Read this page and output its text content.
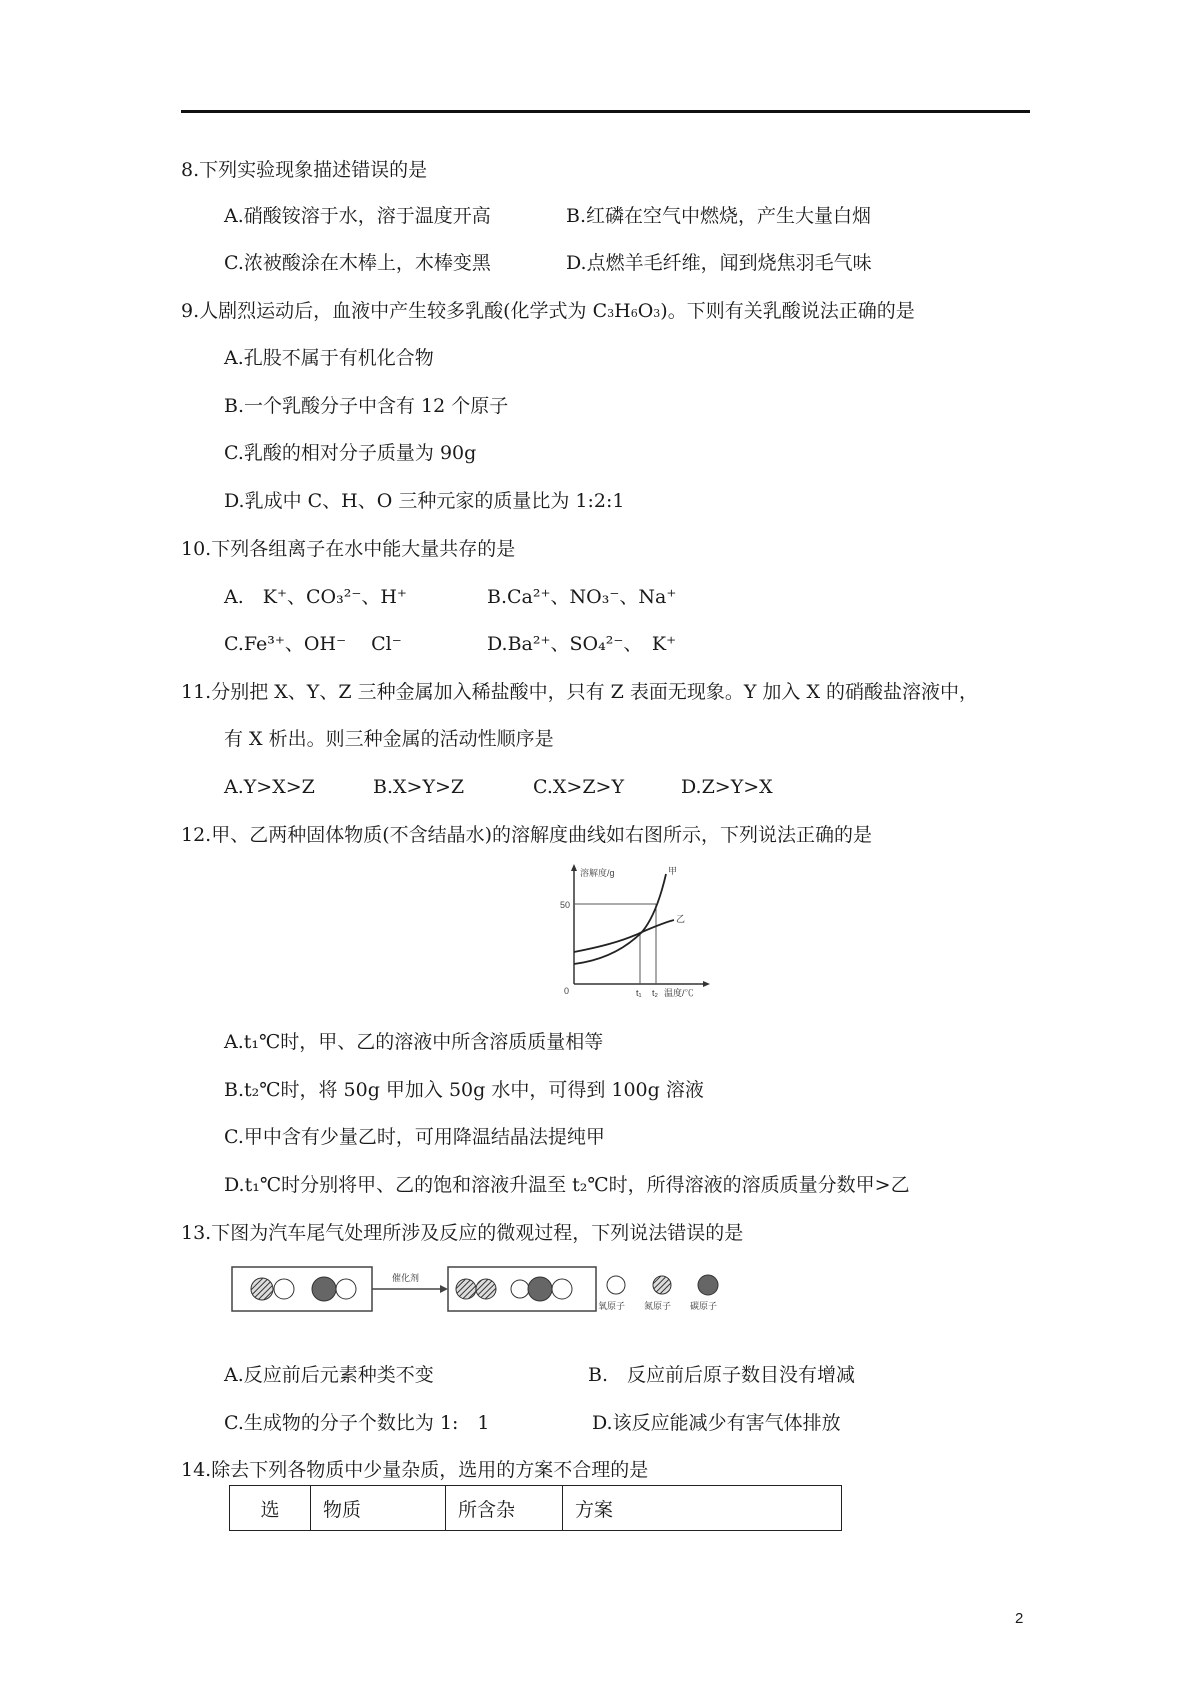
8.下列实验现象描述错误的是
A.硝酸铵溶于水，溶于温度开高	B.红磷在空气中燃烧，产生大量白烟
C.浓被酸涂在木棒上，木棒变黑	D.点燃羊毛纤维，闻到烧焦羽毛气味
9.人剧烈运动后，血液中产生较多乳酸(化学式为 C3H6O3)。下则有关乳酸说法正确的是
A.孔股不属于有机化合物
B.一个乳酸分子中含有 12 个原子
C.乳酸的相对分子质量为 90g
D.乳成中 C、H、O 三种元家的质量比为 1:2:1
10.下列各组离子在水中能大量共存的是
A.　K⁺、CO₃²⁻、H⁺	B.Ca²⁺、NO₃⁻、Na⁺
C.Fe³⁺、OH⁻　 Cl⁻	D.Ba²⁺、SO₄²⁻、　K⁺
11.分别把 X、Y、Z 三种金属加入稀盐酸中，只有 Z 表面无现象。Y 加入 X 的硝酸盐溶液中，
有 X 析出。则三种金属的活动性顺序是
A.Y>X>Z	B.X>Y>Z	C.X>Z>Y	D.Z>Y>X
12.甲、乙两种固体物质(不含结晶水)的溶解度曲线如右图所示，下列说法正确的是
溶解度/g
50
0
甲
乙
t₁ t₂ 温度/℃
A.t₁℃时，甲、乙的溶液中所含溶质质量相等
B.t₂℃时，将 50g 甲加入 50g 水中，可得到 100g 溶液
C.甲中含有少量乙时，可用降温结晶法提纯甲
D.t₁℃时分别将甲、乙的饱和溶液升温至 t₂℃时，所得溶液的溶质质量分数甲>乙
13.下图为汽车尾气处理所涉及反应的微观过程，下列说法错误的是
催化剂
氧原子 氮原子 碳原子
A.反应前后元素种类不变	B.　反应前后原子数目没有增减
C.生成物的分子个数比为 1:　1	D.该反应能减少有害气体排放
14.除去下列各物质中少量杂质，选用的方案不合理的是
选	物质	所含杂	方案
2
